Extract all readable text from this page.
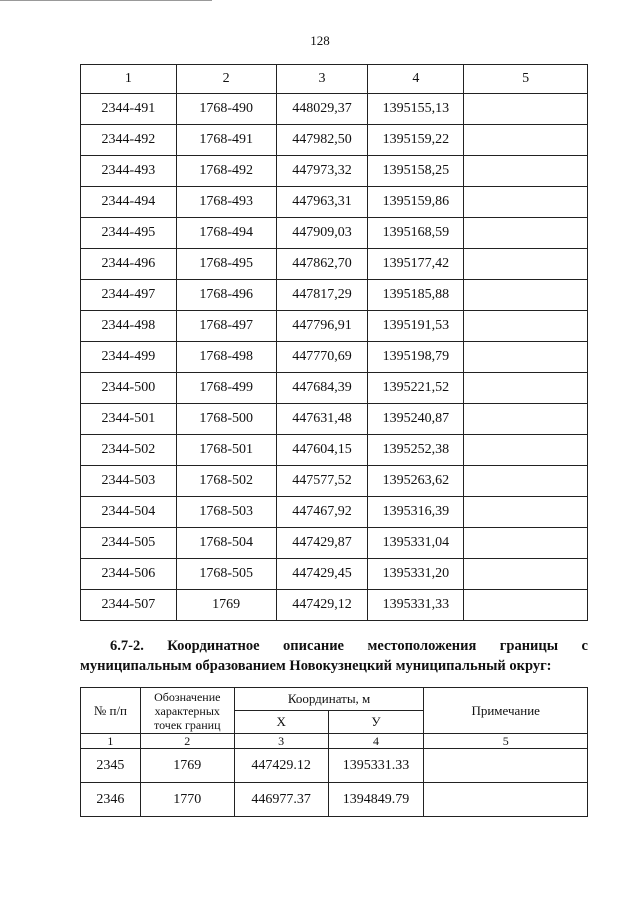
128
1	2	3	4	5
2344-491	1768-490	448029,37	1395155,13	
2344-492	1768-491	447982,50	1395159,22	
2344-493	1768-492	447973,32	1395158,25	
2344-494	1768-493	447963,31	1395159,86	
2344-495	1768-494	447909,03	1395168,59	
2344-496	1768-495	447862,70	1395177,42	
2344-497	1768-496	447817,29	1395185,88	
2344-498	1768-497	447796,91	1395191,53	
2344-499	1768-498	447770,69	1395198,79	
2344-500	1768-499	447684,39	1395221,52	
2344-501	1768-500	447631,48	1395240,87	
2344-502	1768-501	447604,15	1395252,38	
2344-503	1768-502	447577,52	1395263,62	
2344-504	1768-503	447467,92	1395316,39	
2344-505	1768-504	447429,87	1395331,04	
2344-506	1768-505	447429,45	1395331,20	
2344-507	1769	447429,12	1395331,33	
6.7-2. Координатное описание местоположения границы с
муниципальным образованием Новокузнецкий муниципальный округ:
№ п/п	Обозначение
характерных
точек границ	Координаты, м		Примечание
		X	У	
1	2	3	4	5
2345	1769	447429.12	1395331.33	
2346	1770	446977.37	1394849.79	
